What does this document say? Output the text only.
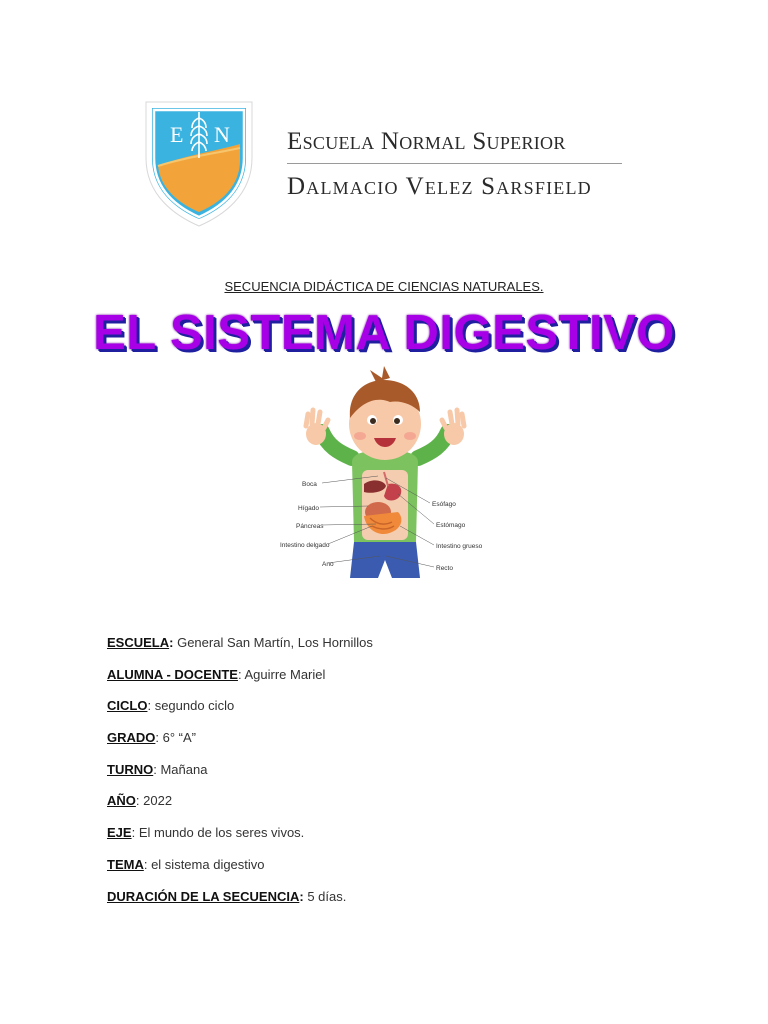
E N Escuela Normal Superior
Dalmacio Velez Sarsfield
SECUENCIA DIDÁCTICA DE CIENCIAS NATURALES.
EL SISTEMA DIGESTIVO
Boca
Hígado
Páncreas
Intestino delgado
Ano
Esófago
Estómago
Intestino grueso
Recto
ESCUELA: General San Martín, Los Hornillos
ALUMNA - DOCENTE: Aguirre Mariel
CICLO: segundo ciclo
GRADO: 6° “A”
TURNO: Mañana
AÑO: 2022
EJE: El mundo de los seres vivos.
TEMA: el sistema digestivo
DURACIÓN DE LA SECUENCIA: 5 días.
